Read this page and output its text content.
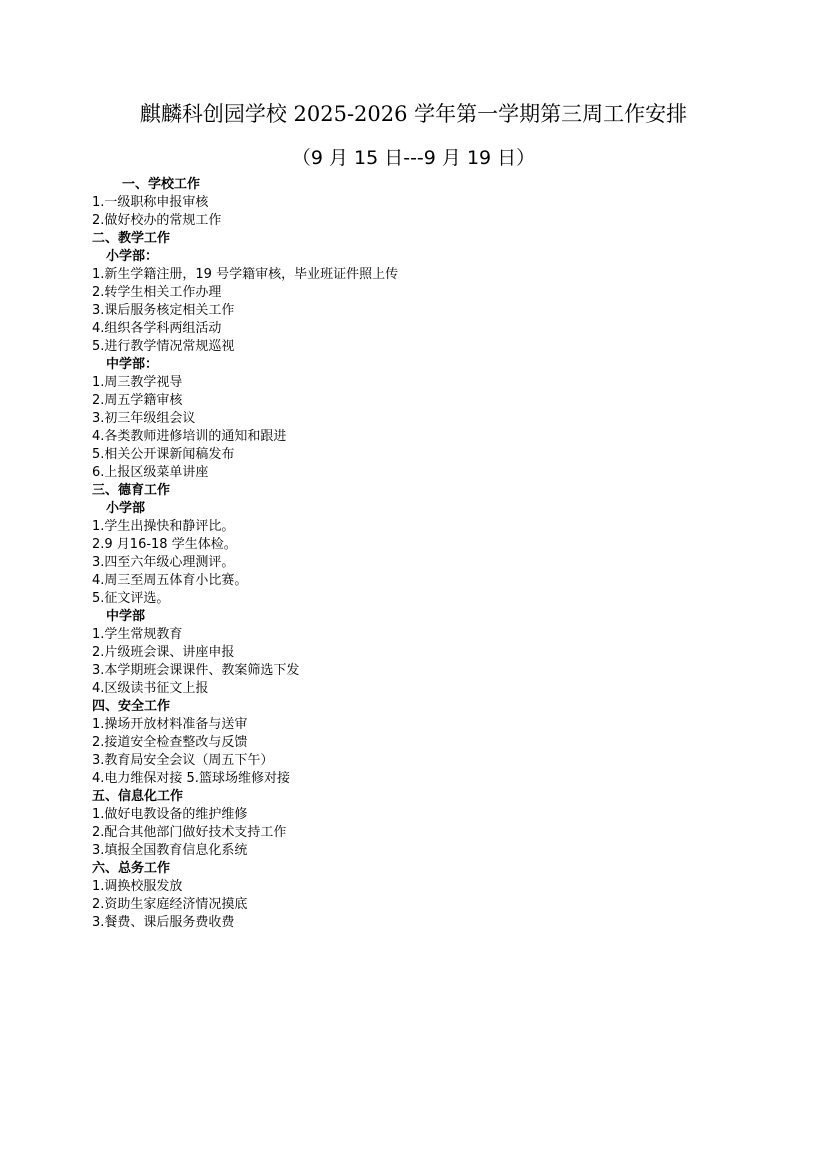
麒麟科创园学校 2025-2026 学年第一学期第三周工作安排
（9 月 15 日---9 月 19 日）
一、学校工作
1.一级职称申报审核
2.做好校办的常规工作
二、教学工作
小学部：
1.新生学籍注册，19 号学籍审核，毕业班证件照上传
2.转学生相关工作办理
3.课后服务核定相关工作
4.组织各学科两组活动
5.进行教学情况常规巡视
中学部：
1.周三教学视导
2.周五学籍审核
3.初三年级组会议
4.各类教师进修培训的通知和跟进
5.相关公开课新闻稿发布
6.上报区级菜单讲座
三、德育工作
小学部
1.学生出操快和静评比。
2.9 月16-18 学生体检。
3.四至六年级心理测评。
4.周三至周五体育小比赛。
5.征文评选。
中学部
1.学生常规教育
2.片级班会课、讲座申报
3.本学期班会课课件、教案筛选下发
4.区级读书征文上报
四、安全工作
1.操场开放材料准备与送审
2.接道安全检查整改与反馈
3.教育局安全会议（周五下午）
4.电力维保对接 5.篮球场维修对接
五、信息化工作
1.做好电教设备的维护维修
2.配合其他部门做好技术支持工作
3.填报全国教育信息化系统
六、总务工作
1.调换校服发放
2.资助生家庭经济情况摸底
3.餐费、课后服务费收费
